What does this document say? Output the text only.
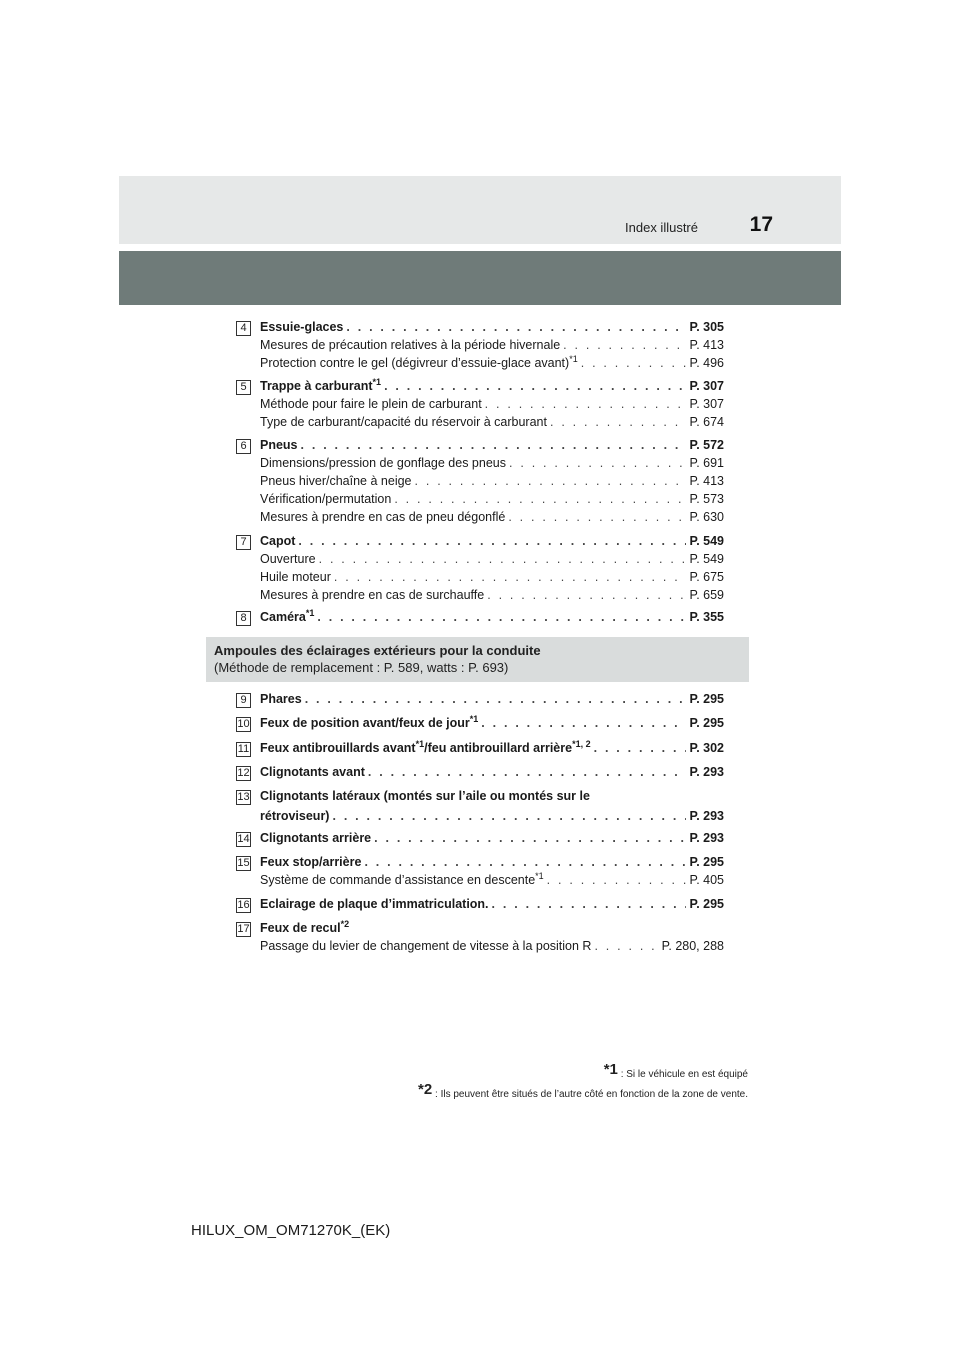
Index illustré 17
Ampoules des éclairages extérieurs pour la conduite
(Méthode de remplacement : P. 589, watts : P. 693)
*1 : Si le véhicule en est équipé
*2 : Ils peuvent être situés de l’autre côté en fonction de la zone de vente.
4	Essuie-glaces . . .	P. 305
Mesures de précaution relatives à la période hivernale . . .	P. 413
Protection contre le gel (dégivreur d’essuie-glace avant)$^{*1}$ . . .	P. 496
5	Trappe à carburant$^{*1}$ . . .	P. 307
Méthode pour faire le plein de carburant . . .	P. 307
Type de carburant/capacité du réservoir à carburant . . .	P. 674
6	Pneus . . .	P. 572
Dimensions/pression de gonflage des pneus . . .	P. 691
Pneus hiver/chaîne à neige . . .	P. 413
Vérification/permutation . . .	P. 573
Mesures à prendre en cas de pneu dégonflé . . .	P. 630
7	Capot . . .	P. 549
Ouverture . . .	P. 549
Huile moteur . . .	P. 675
Mesures à prendre en cas de surchauffe . . .	P. 659
8	Caméra$^{*1}$ . . .	P. 355
9	Phares . . .	P. 295
10 Feux de position avant/feux de jour$^{*1}$ . . .	P. 295
11 Feux antibrouillards avant$^{*1}$/feu antibrouillard arrière$^{*1, 2}$ . . .	P. 302
12 Clignotants avant . . .	P. 293
13 Clignotants latéraux (montés sur l’aile ou montés sur le
rétroviseur) . . .	P. 293
14 Clignotants arrière . . .	P. 293
15 Feux stop/arrière . . .	P. 295
Système de commande d’assistance en descente$^{*1}$ . . .	P. 405
16 Eclairage de plaque d’immatriculation. . . .	P. 295
17 Feux de recul$^{*2}$
Passage du levier de changement de vitesse à la position R . . .	P. 280, 288
HILUX_OM_OM71270K_(EK)
